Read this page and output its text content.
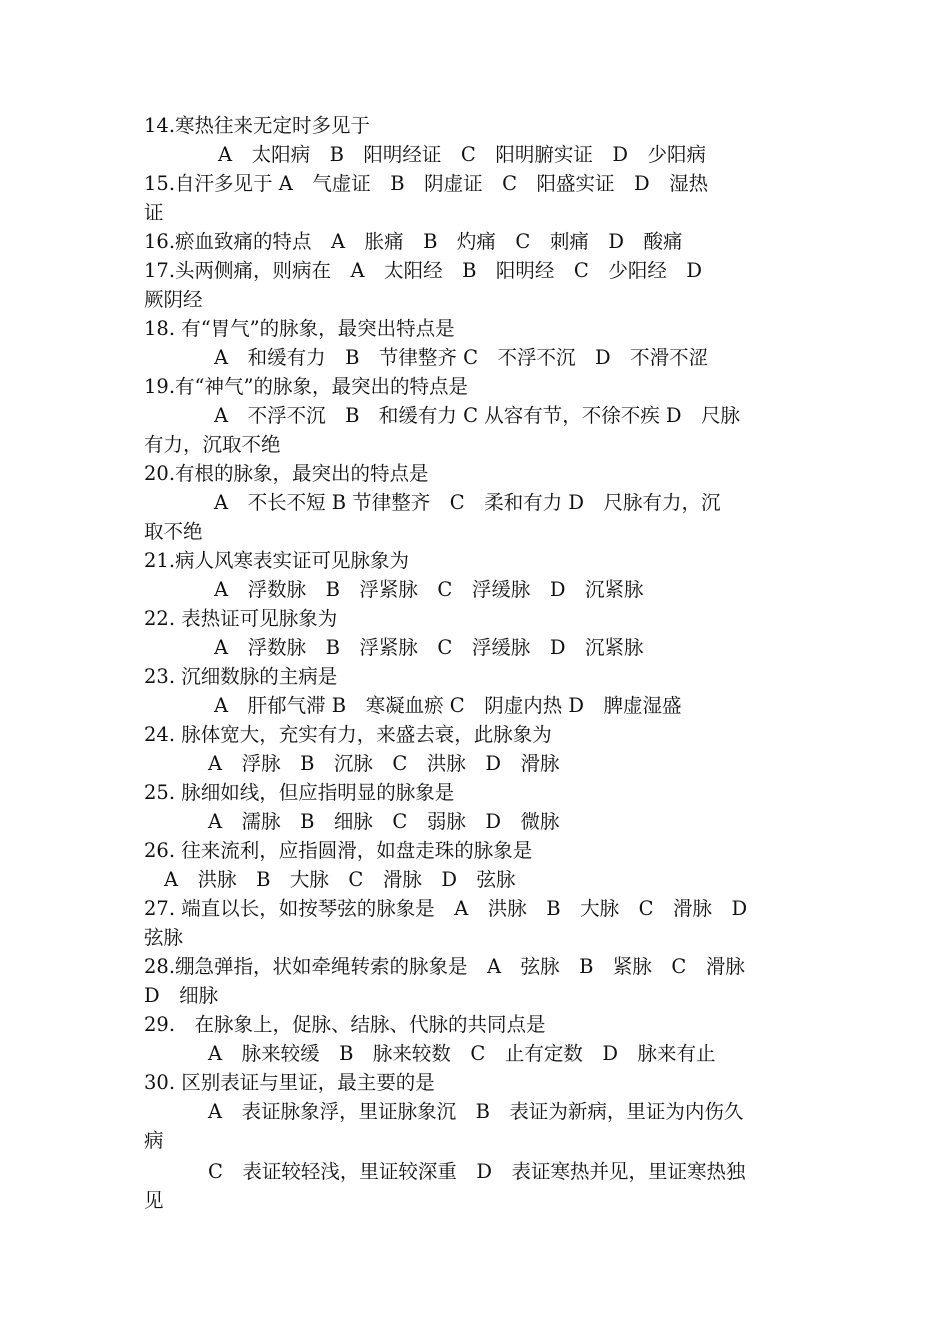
14.寒热往来无定时多见于
A　太阳病　B　阳明经证　C　阳明腑实证　D　少阳病
15.自汗多见于 A　气虚证　B　阴虚证　C　阳盛实证　D　湿热
证
16.瘀血致痛的特点　A　胀痛　B　灼痛　C　刺痛　D　酸痛
17.头两侧痛，则病在　A　太阳经　B　阳明经　C　少阳经　D
厥阴经
18. 有“胃气”的脉象，最突出特点是
A　和缓有力　B　节律整齐 C　不浮不沉　D　不滑不涩
19.有“神气”的脉象，最突出的特点是
A　不浮不沉　B　和缓有力 C 从容有节，不徐不疾 D　尺脉
有力，沉取不绝
20.有根的脉象，最突出的特点是
A　不长不短 B 节律整齐　C　柔和有力 D　尺脉有力，沉
取不绝
21.病人风寒表实证可见脉象为
A　浮数脉　B　浮紧脉　C　浮缓脉　D　沉紧脉
22. 表热证可见脉象为
A　浮数脉　B　浮紧脉　C　浮缓脉　D　沉紧脉
23. 沉细数脉的主病是
A　肝郁气滞 B　寒凝血瘀 C　阴虚内热 D　脾虚湿盛
24. 脉体宽大，充实有力，来盛去衰，此脉象为
A　浮脉　B　沉脉　C　洪脉　D　滑脉
25. 脉细如线，但应指明显的脉象是
A　濡脉　B　细脉　C　弱脉　D　微脉
26. 往来流利，应指圆滑，如盘走珠的脉象是
A　洪脉　B　大脉　C　滑脉　D　弦脉
27. 端直以长，如按琴弦的脉象是　A　洪脉　B　大脉　C　滑脉　D
弦脉
28.绷急弹指，状如牵绳转索的脉象是　A　弦脉　B　紧脉　C　滑脉
D　细脉
29.　在脉象上，促脉、结脉、代脉的共同点是
A　脉来较缓　B　脉来较数　C　止有定数　D　脉来有止
30. 区别表证与里证，最主要的是
A　表证脉象浮，里证脉象沉　B　表证为新病，里证为内伤久
病
C　表证较轻浅，里证较深重　D　表证寒热并见，里证寒热独
见
